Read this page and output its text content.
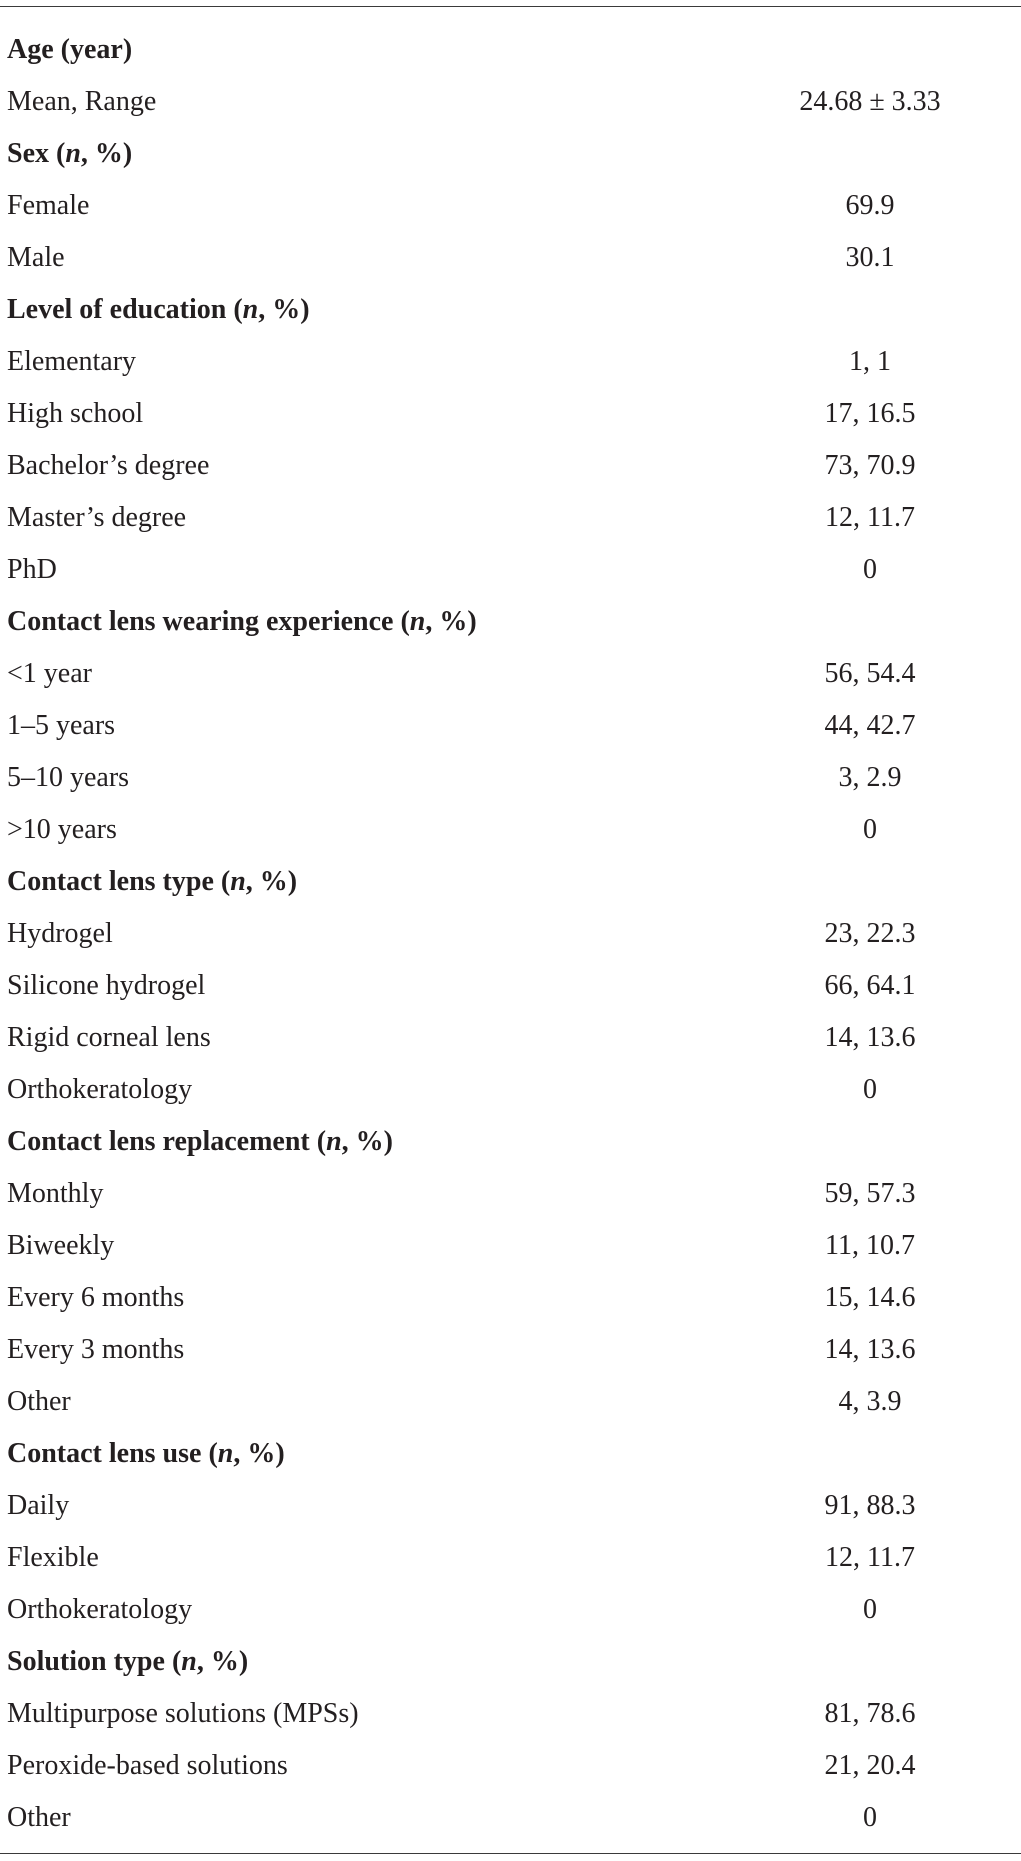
Age (year)
Mean, Range	24.68 ± 3.33
Sex (n, %)
Female	69.9
Male	30.1
Level of education (n, %)
Elementary	1, 1
High school	17, 16.5
Bachelor’s degree	73, 70.9
Master’s degree	12, 11.7
PhD	0
Contact lens wearing experience (n, %)
<1 year	56, 54.4
1–5 years	44, 42.7
5–10 years	3, 2.9
>10 years	0
Contact lens type (n, %)
Hydrogel	23, 22.3
Silicone hydrogel	66, 64.1
Rigid corneal lens	14, 13.6
Orthokeratology	0
Contact lens replacement (n, %)
Monthly	59, 57.3
Biweekly	11, 10.7
Every 6 months	15, 14.6
Every 3 months	14, 13.6
Other	4, 3.9
Contact lens use (n, %)
Daily	91, 88.3
Flexible	12, 11.7
Orthokeratology	0
Solution type (n, %)
Multipurpose solutions (MPSs)	81, 78.6
Peroxide-based solutions	21, 20.4
Other	0
